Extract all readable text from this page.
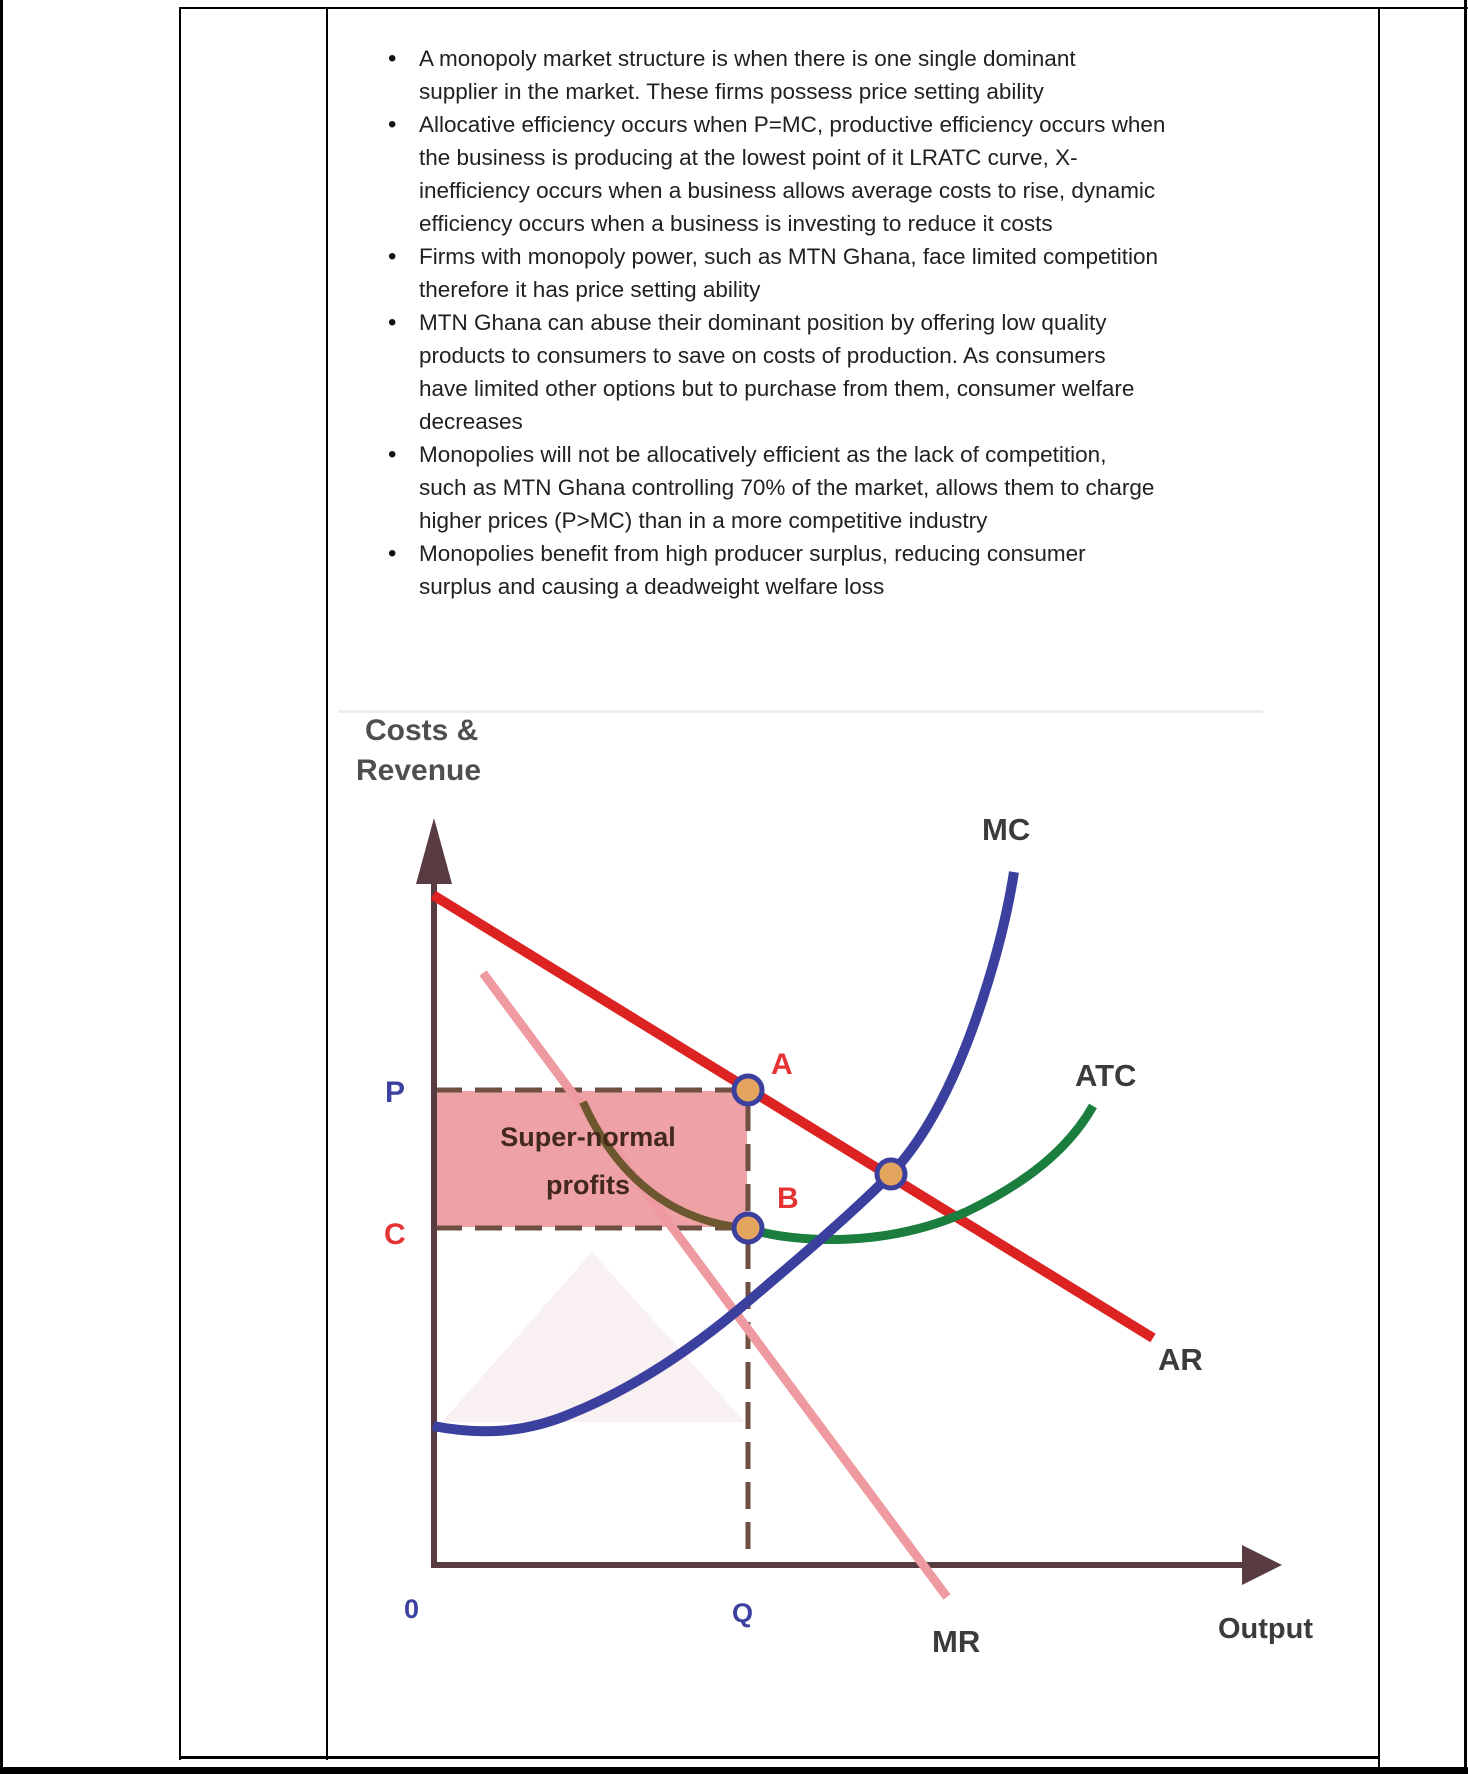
• A monopoly market structure is when there is one single dominant
supplier in the market. These firms possess price setting ability
• Allocative efficiency occurs when P=MC, productive efficiency occurs when
the business is producing at the lowest point of it LRATC curve, X-
inefficiency occurs when a business allows average costs to rise, dynamic
efficiency occurs when a business is investing to reduce it costs
• Firms with monopoly power, such as MTN Ghana, face limited competition
therefore it has price setting ability
• MTN Ghana can abuse their dominant position by offering low quality
products to consumers to save on costs of production. As consumers
have limited other options but to purchase from them, consumer welfare
decreases
• Monopolies will not be allocatively efficient as the lack of competition,
such as MTN Ghana controlling 70% of the market, allows them to charge
higher prices (P>MC) than in a more competitive industry
• Monopolies benefit from high producer surplus, reducing consumer
surplus and causing a deadweight welfare loss
Costs &
Revenue
MC
ATC
AR
MR	Output
P
C
A
B
0	Q
Super-normal
profits
